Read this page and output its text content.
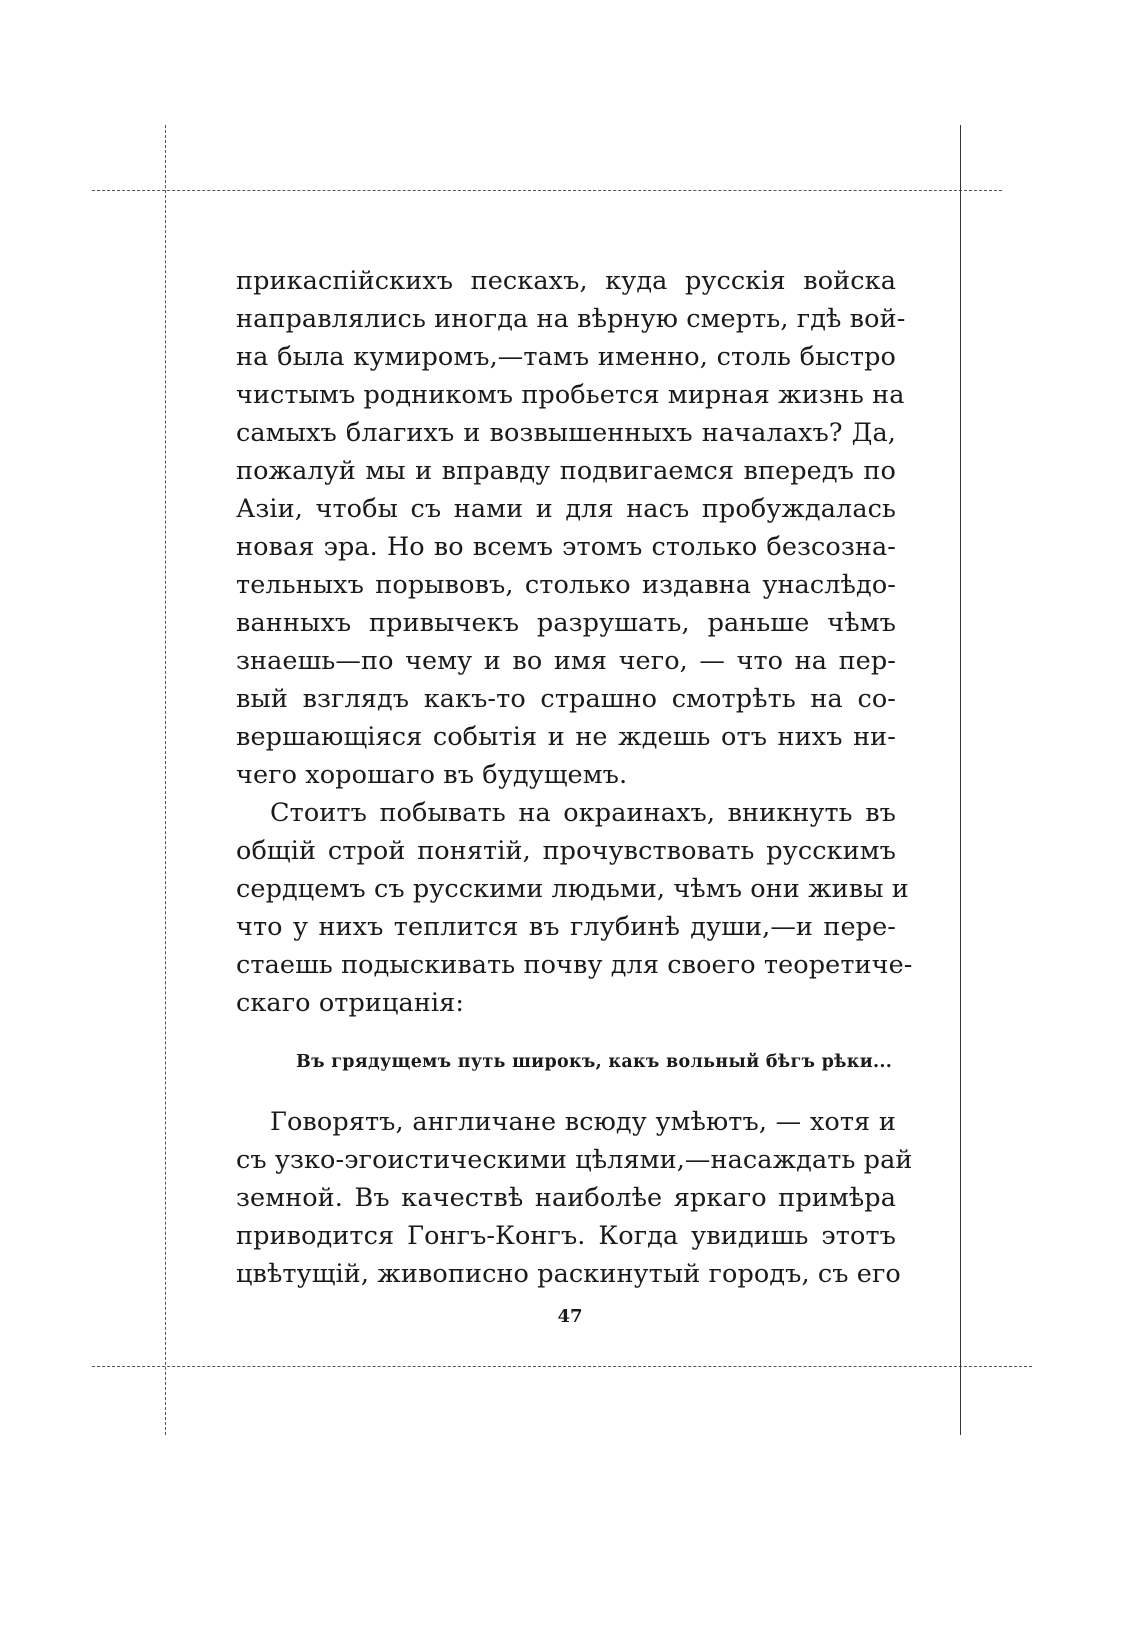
прикаспійскихъ пескахъ, куда русскія войска
направлялись иногда на вѣрную смерть, гдѣ вой-
на была кумиромъ,—тамъ именно, столь быстро
чистымъ родникомъ пробьется мирная жизнь на
самыхъ благихъ и возвышенныхъ началахъ? Да,
пожалуй мы и вправду подвигаемся впередъ по
Азіи, чтобы съ нами и для насъ пробуждалась
новая эра. Но во всемъ этомъ столько безсозна-
тельныхъ порывовъ, столько издавна унаслѣдо-
ванныхъ привычекъ разрушать, раньше чѣмъ
знаешь—по чему и во имя чего, — что на пер-
вый взглядъ какъ-то страшно смотрѣть на со-
вершающіяся событія и не ждешь отъ нихъ ни-
чего хорошаго въ будущемъ.
Стоитъ побывать на окраинахъ, вникнуть въ
общій строй понятій, прочувствовать русскимъ
сердцемъ съ русскими людьми, чѣмъ они живы и
что у нихъ теплится въ глубинѣ души,—и пере-
стаешь подыскивать почву для своего теоретиче-
скаго отрицанія:
Въ грядущемъ путь широкъ, какъ вольный бѣгъ рѣки...
Говорятъ, англичане всюду умѣютъ, — хотя и
съ узко-эгоистическими цѣлями,—насаждать рай
земной. Въ качествѣ наиболѣе яркаго примѣра
приводится Гонгъ-Конгъ. Когда увидишь этотъ
цвѣтущій, живописно раскинутый городъ, съ его
47
